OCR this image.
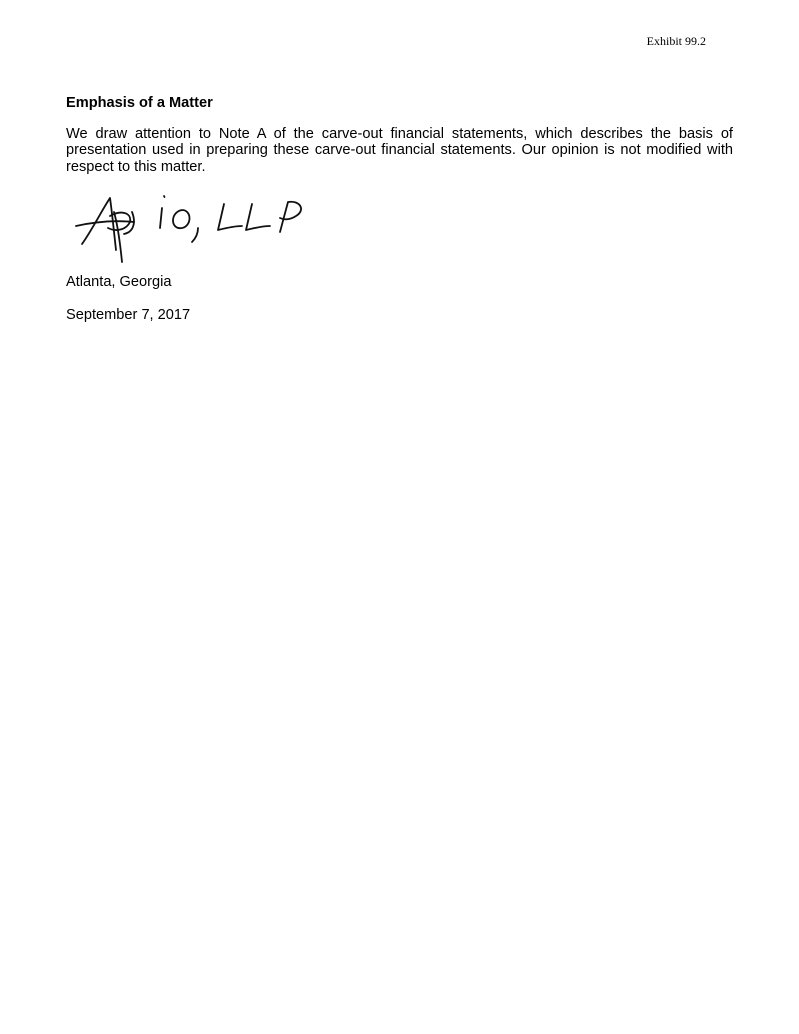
Exhibit 99.2

Emphasis of a Matter

We draw attention to Note A of the carve-out financial statements, which describes the basis of presentation used in preparing these carve-out financial statements. Our opinion is not modified with respect to this matter.

Atlanta, Georgia

September 7, 2017
